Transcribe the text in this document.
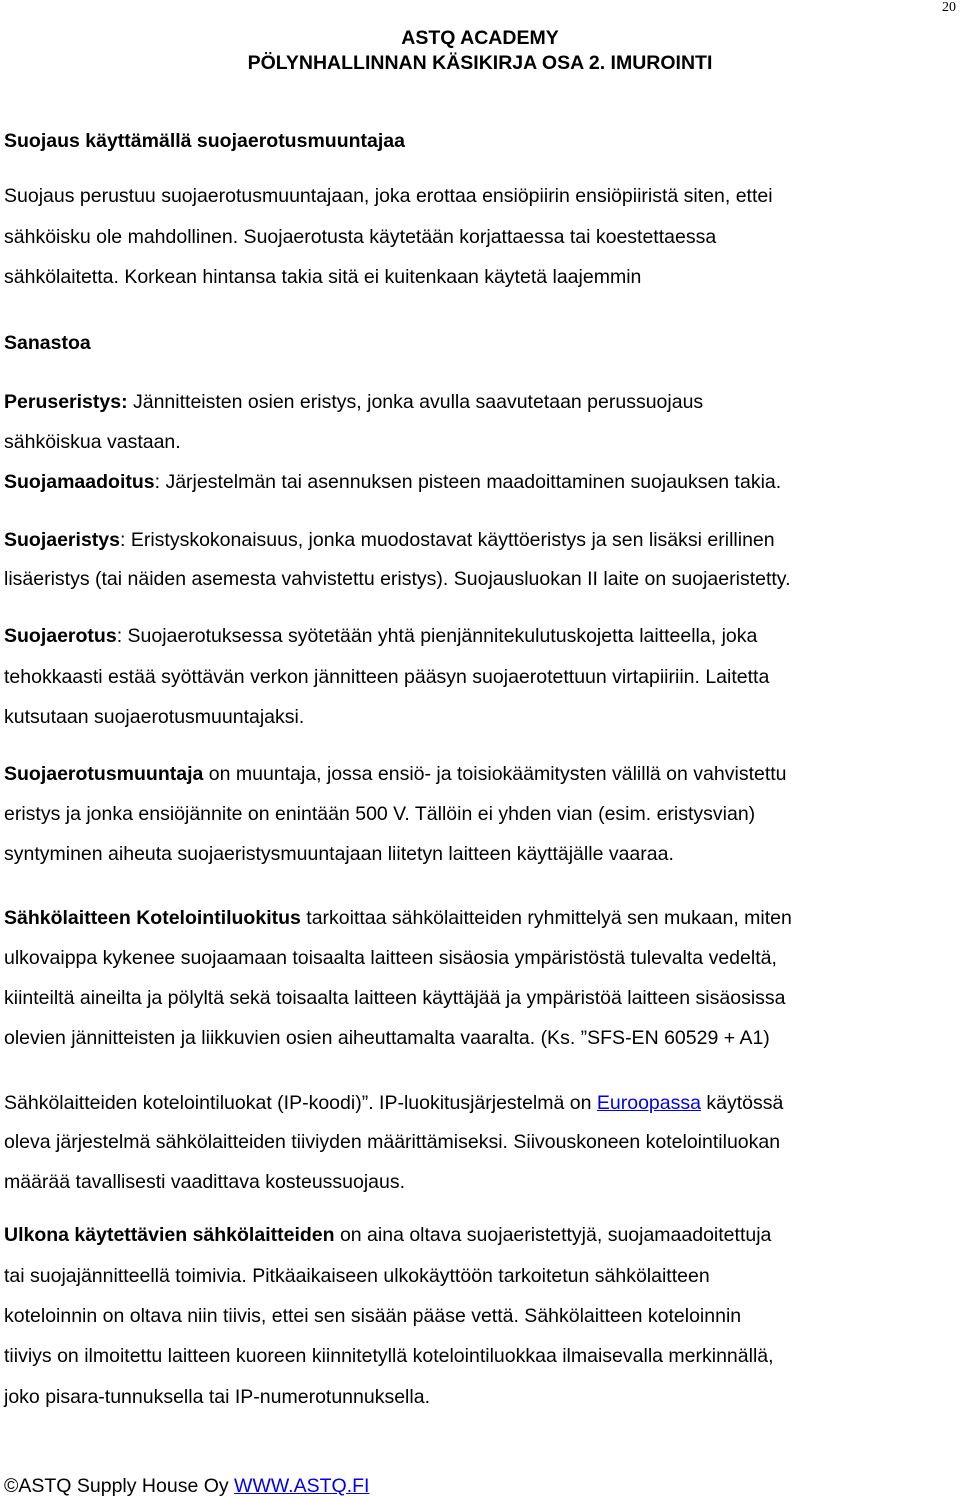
20
ASTQ ACADEMY
PÖLYNHALLINNAN KÄSIKIRJA OSA 2. IMUROINTI
Suojaus käyttämällä suojaerotusmuuntajaa
Suojaus perustuu suojaerotusmuuntajaan, joka erottaa ensiöpiirin ensiöpiiristä siten, ettei
sähköisku ole mahdollinen. Suojaerotusta käytetään korjattaessa tai koestettaessa
sähkölaitetta. Korkean hintansa takia sitä ei kuitenkaan käytetä laajemmin
Sanastoa
Peruseristys: Jännitteisten osien eristys, jonka avulla saavutetaan perussuojaus
sähköiskua vastaan.
Suojamaadoitus: Järjestelmän tai asennuksen pisteen maadoittaminen suojauksen takia.
Suojaeristys: Eristyskokonaisuus, jonka muodostavat käyttöeristys ja sen lisäksi erillinen
lisäeristys (tai näiden asemesta vahvistettu eristys). Suojausluokan II laite on suojaeristetty.
Suojaerotus: Suojaerotuksessa syötetään yhtä pienjännitekulutuskojetta laitteella, joka
tehokkaasti estää syöttävän verkon jännitteen pääsyn suojaerotettuun virtapiiriin. Laitetta
kutsutaan suojaerotusmuuntajaksi.
Suojaerotusmuuntaja on muuntaja, jossa ensiö- ja toisiokäämitysten välillä on vahvistettu
eristys ja jonka ensiöjännite on enintään 500 V. Tällöin ei yhden vian (esim. eristysvian)
syntyminen aiheuta suojaeristysmuuntajaan liitetyn laitteen käyttäjälle vaaraa.
Sähkölaitteen Kotelointiluokitus tarkoittaa sähkölaitteiden ryhmittelyä sen mukaan, miten
ulkovaippa kykenee suojaamaan toisaalta laitteen sisäosia ympäristöstä tulevalta vedeltä,
kiinteiltä aineilta ja pölyltä sekä toisaalta laitteen käyttäjää ja ympäristöä laitteen sisäosissa
olevien jännitteisten ja liikkuvien osien aiheuttamalta vaaralta. (Ks. ”SFS-EN 60529 + A1)
Sähkölaitteiden kotelointiluokat (IP-koodi)”. IP-luokitusjärjestelmä on Euroopassa käytössä
oleva järjestelmä sähkölaitteiden tiiviyden määrittämiseksi. Siivouskoneen kotelointiluokan
määrää tavallisesti vaadittava kosteussuojaus.
Ulkona käytettävien sähkölaitteiden on aina oltava suojaeristettyjä, suojamaadoitettuja
tai suojajännitteellä toimivia. Pitkäaikaiseen ulkokäyttöön tarkoitetun sähkölaitteen
koteloinnin on oltava niin tiivis, ettei sen sisään pääse vettä. Sähkölaitteen koteloinnin
tiiviys on ilmoitettu laitteen kuoreen kiinnitetyllä kotelointiluokkaa ilmaisevalla merkinnällä,
joko pisara-tunnuksella tai IP-numerotunnuksella.
©ASTQ Supply House Oy WWW.ASTQ.FI
